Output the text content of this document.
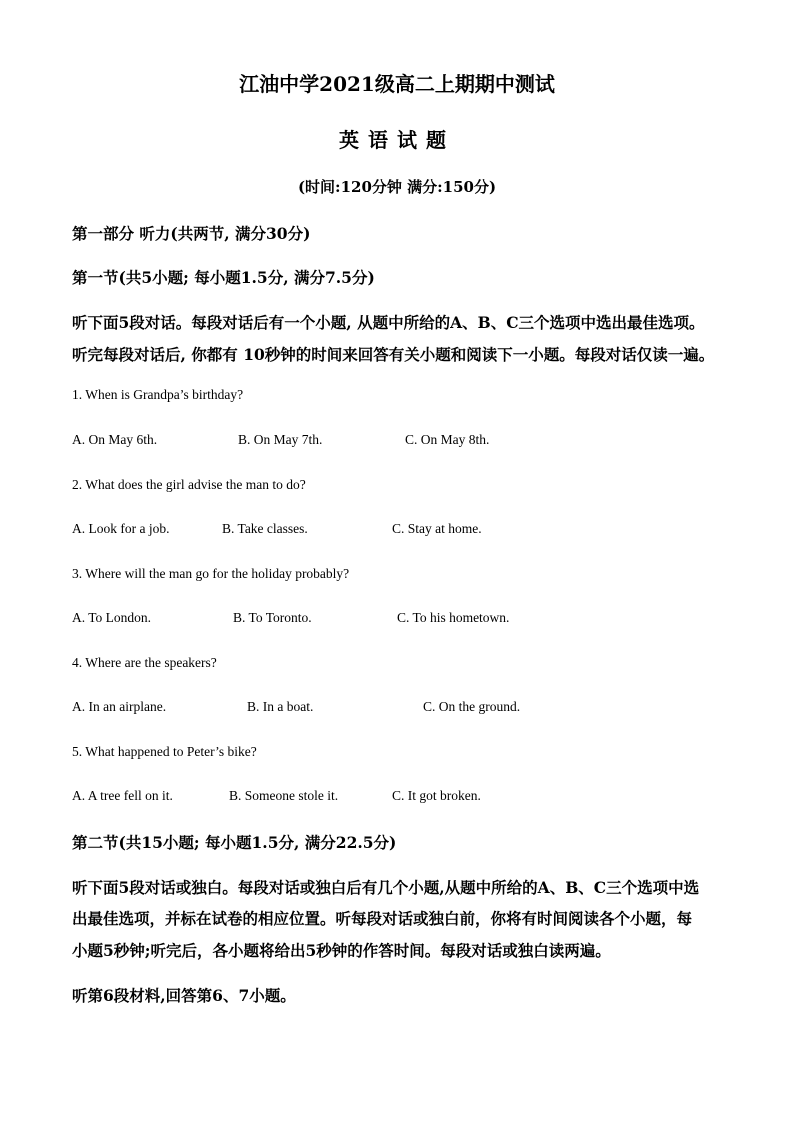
江油中学2021级高二上期期中测试
英语试题
(时间:120分钟 满分:150分)
第一部分 听力(共两节, 满分30分)
第一节(共5小题; 每小题1.5分, 满分7.5分)
听下面5段对话。每段对话后有一个小题, 从题中所给的A、B、C三个选项中选出最佳选项。
听完每段对话后, 你都有 10秒钟的时间来回答有关小题和阅读下一小题。每段对话仅读一遍。
1. When is Grandpa’s birthday?
A. On May 6th.	B. On May 7th.	C. On May 8th.
2. What does the girl advise the man to do?
A. Look for a job.	B. Take classes.	C. Stay at home.
3. Where will the man go for the holiday probably?
A. To London.	B. To Toronto.	C. To his hometown.
4. Where are the speakers?
A. In an airplane.	B. In a boat.	C. On the ground.
5. What happened to Peter’s bike?
A. A tree fell on it.	B. Someone stole it.	C. It got broken.
第二节(共15小题; 每小题1.5分, 满分22.5分)
听下面5段对话或独白。每段对话或独白后有几个小题,从题中所给的A、B、C三个选项中选
出最佳选项，并标在试卷的相应位置。听每段对话或独白前，你将有时间阅读各个小题，每
小题5秒钟;听完后，各小题将给出5秒钟的作答时间。每段对话或独白读两遍。
听第6段材料,回答第6、7小题。
